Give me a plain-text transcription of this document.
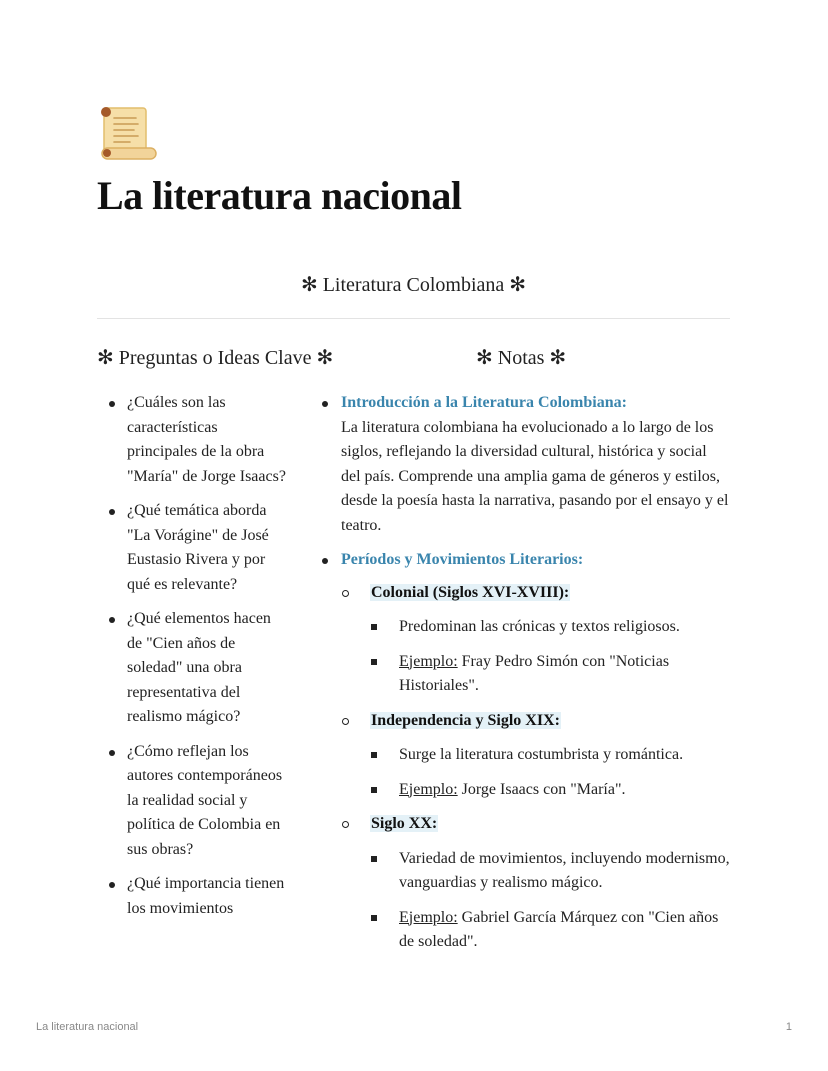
La literatura nacional
✻ Literatura Colombiana ✻
✻ Preguntas o Ideas Clave ✻	✻ Notas ✻
¿Cuáles son las características principales de la obra "María" de Jorge Isaacs?
¿Qué temática aborda "La Vorágine" de José Eustasio Rivera y por qué es relevante?
¿Qué elementos hacen de "Cien años de soledad" una obra representativa del realismo mágico?
¿Cómo reflejan los autores contemporáneos la realidad social y política de Colombia en sus obras?
¿Qué importancia tienen los movimientos
Introducción a la Literatura Colombiana:
La literatura colombiana ha evolucionado a lo largo de los siglos, reflejando la diversidad cultural, histórica y social del país. Comprende una amplia gama de géneros y estilos, desde la poesía hasta la narrativa, pasando por el ensayo y el teatro.
Períodos y Movimientos Literarios:
Colonial (Siglos XVI-XVIII):
Predominan las crónicas y textos religiosos.
Ejemplo: Fray Pedro Simón con "Noticias Historiales".
Independencia y Siglo XIX:
Surge la literatura costumbrista y romántica.
Ejemplo: Jorge Isaacs con "María".
Siglo XX:
Variedad de movimientos, incluyendo modernismo, vanguardias y realismo mágico.
Ejemplo: Gabriel García Márquez con "Cien años de soledad".
La literatura nacional	1
